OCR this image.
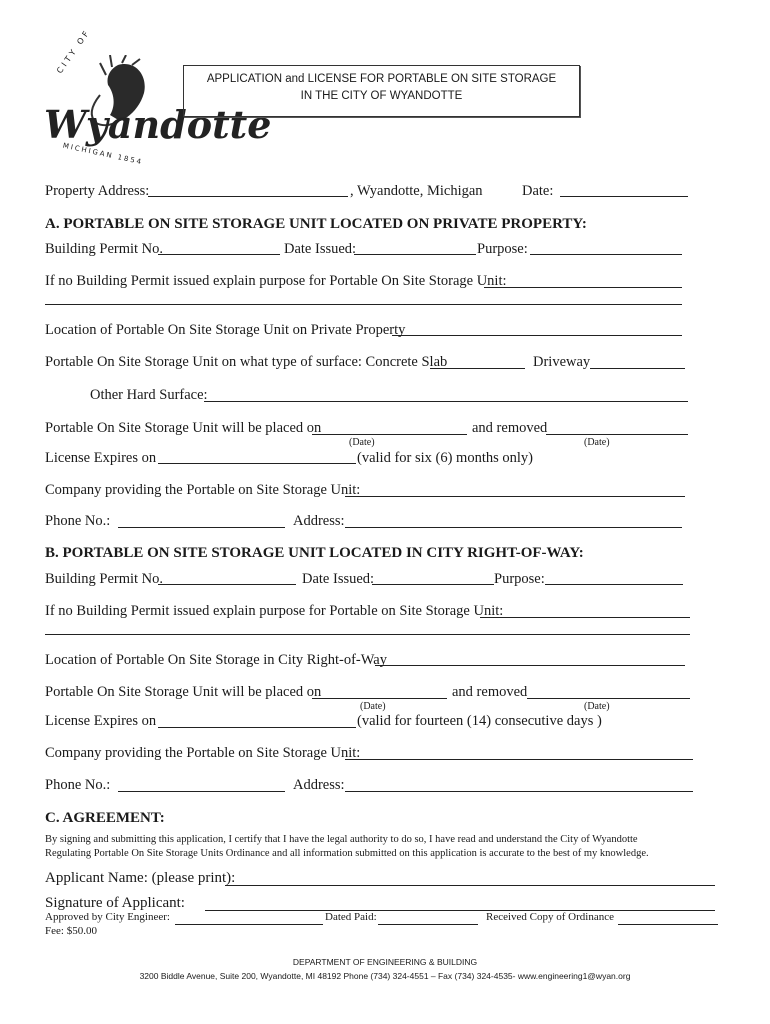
CITY OF
Wyandotte
MICHIGAN 1854
APPLICATION and LICENSE FOR PORTABLE ON SITE STORAGE
IN THE CITY OF WYANDOTTE
Property Address:	, Wyandotte, Michigan	Date:
A. PORTABLE ON SITE STORAGE UNIT LOCATED ON PRIVATE PROPERTY:
Building Permit No.	Date Issued:	Purpose:
If no Building Permit issued explain purpose for Portable On Site Storage Unit:
Location of Portable On Site Storage Unit on Private Property
Portable On Site Storage Unit on what type of surface: Concrete Slab	Driveway
Other Hard Surface:
Portable On Site Storage Unit will be placed on	and removed
(Date)	(Date)
License Expires on	(valid for six (6) months only)
Company providing the Portable on Site Storage Unit:
Phone No.:	Address:
B. PORTABLE ON SITE STORAGE UNIT LOCATED IN CITY RIGHT-OF-WAY:
Building Permit No.	Date Issued:	Purpose:
If no Building Permit issued explain purpose for Portable on Site Storage Unit:
Location of Portable On Site Storage in City Right-of-Way
Portable On Site Storage Unit will be placed on	and removed
(Date)	(Date)
License Expires on	(valid for fourteen (14) consecutive days )
Company providing the Portable on Site Storage Unit:
Phone No.:	Address:
C. AGREEMENT:
By signing and submitting this application, I certify that I have the legal authority to do so, I have read and understand the City of Wyandotte
Regulating Portable On Site Storage Units Ordinance and all information submitted on this application is accurate to the best of my knowledge.
Applicant Name: (please print):
Signature of Applicant:
Approved by City Engineer:	Dated Paid:	Received Copy of Ordinance
Fee: $50.00
DEPARTMENT OF ENGINEERING & BUILDING
3200 Biddle Avenue, Suite 200, Wyandotte, MI 48192 Phone (734) 324-4551 – Fax (734) 324-4535- www.engineering1@wyan.org
